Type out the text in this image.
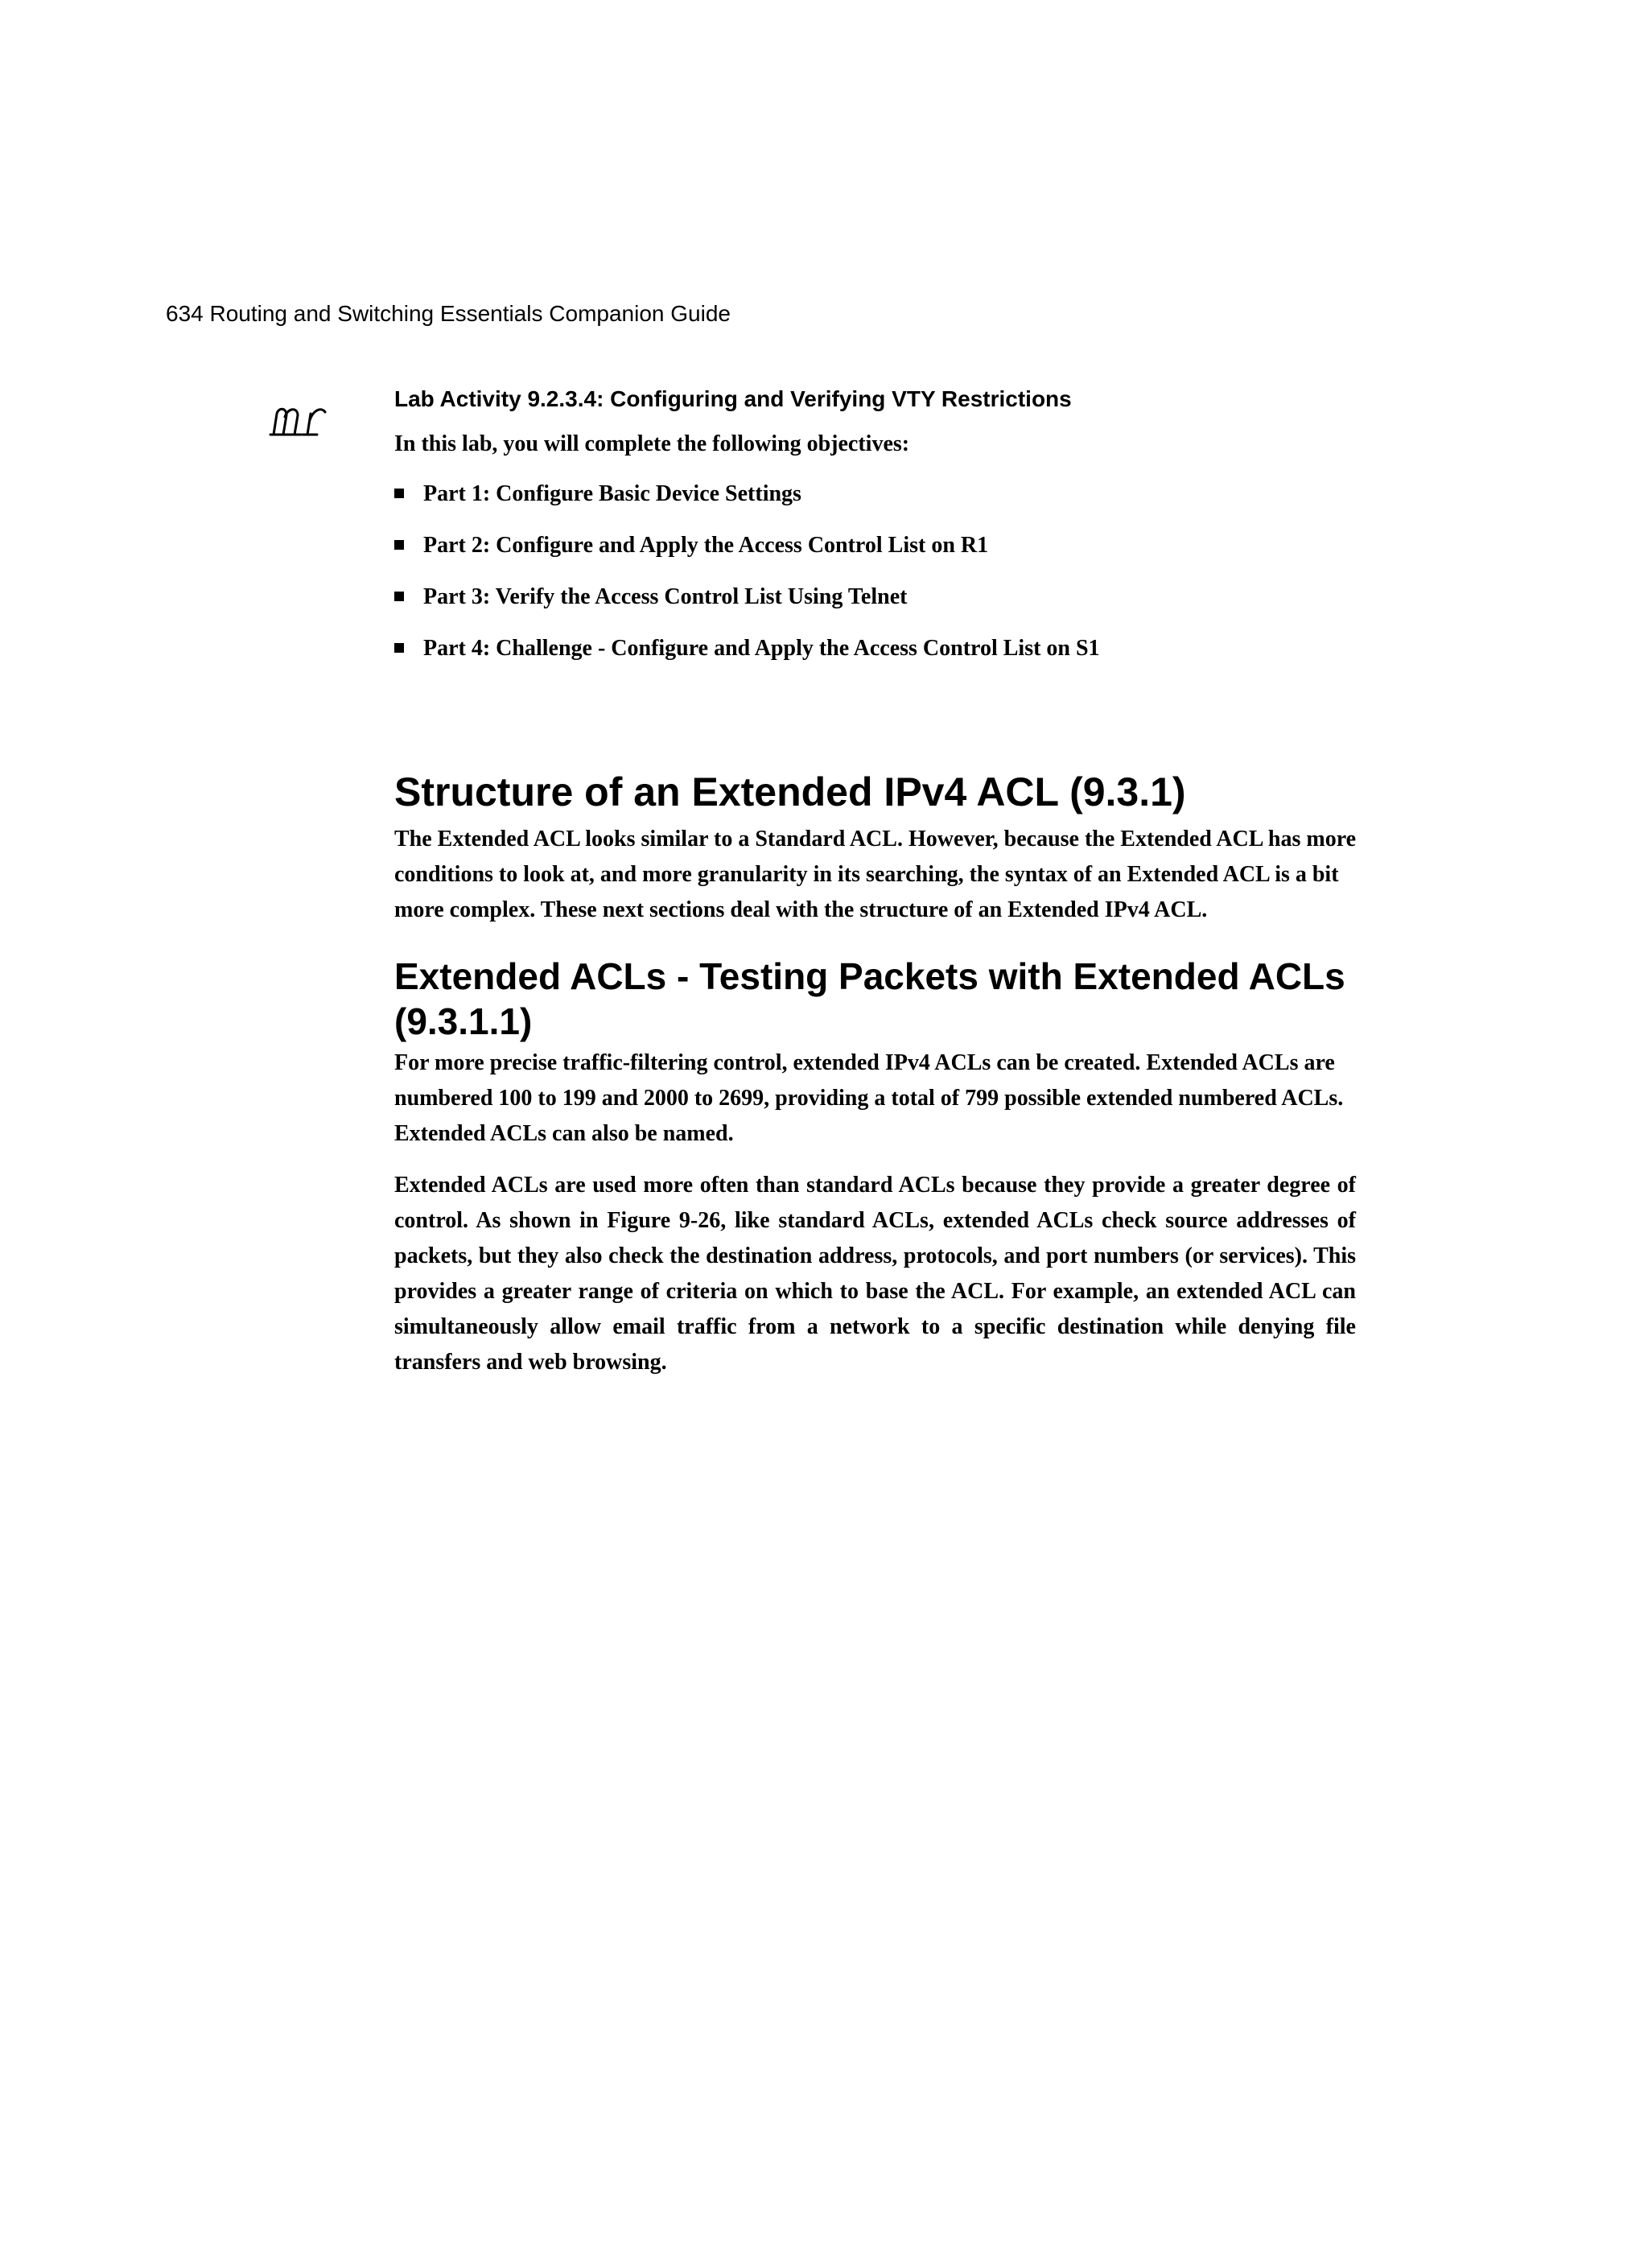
634 Routing and Switching Essentials Companion Guide

Lab Activity 9.2.3.4: Configuring and Verifying VTY Restrictions

In this lab, you will complete the following objectives:

Part 1: Configure Basic Device Settings
Part 2: Configure and Apply the Access Control List on R1
Part 3: Verify the Access Control List Using Telnet
Part 4: Challenge - Configure and Apply the Access Control List on S1
Structure of an Extended IPv4 ACL (9.3.1)

The Extended ACL looks similar to a Standard ACL. However, because the Extended ACL has more conditions to look at, and more granularity in its searching, the syntax of an Extended ACL is a bit more complex. These next sections deal with the structure of an Extended IPv4 ACL.

Extended ACLs - Testing Packets with Extended ACLs (9.3.1.1)

For more precise traffic-filtering control, extended IPv4 ACLs can be created. Extended ACLs are numbered 100 to 199 and 2000 to 2699, providing a total of 799 possible extended numbered ACLs. Extended ACLs can also be named.

Extended ACLs are used more often than standard ACLs because they provide a greater degree of control. As shown in Figure 9-26, like standard ACLs, extended ACLs check source addresses of packets, but they also check the destination address, protocols, and port numbers (or services). This provides a greater range of criteria on which to base the ACL. For example, an extended ACL can simultaneously allow email traffic from a network to a specific destination while denying file transfers and web browsing.
